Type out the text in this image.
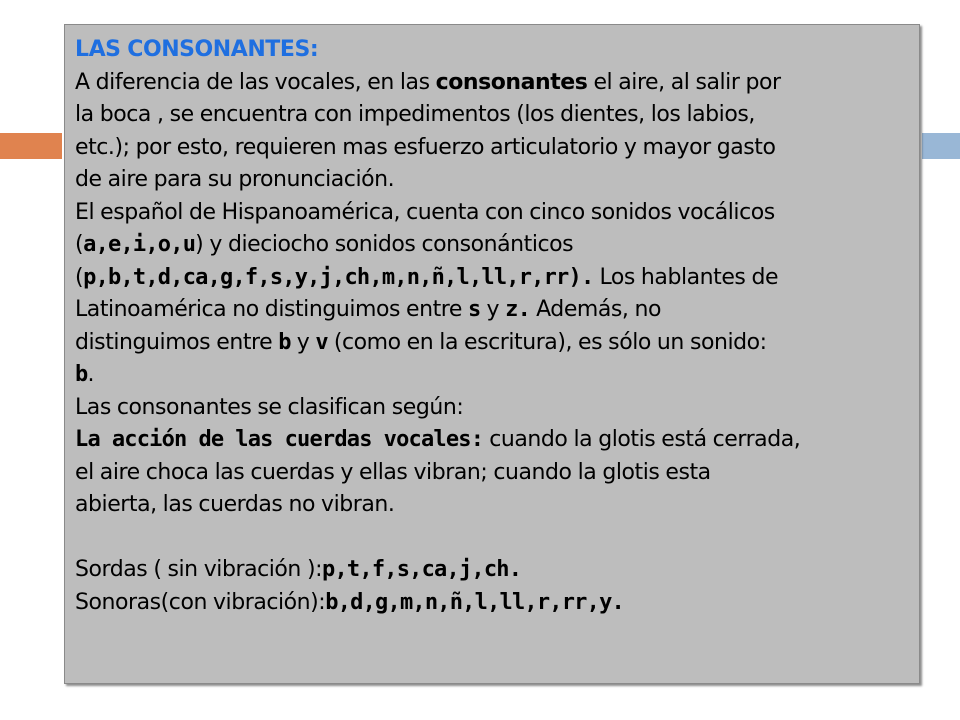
LAS CONSONANTES:
A diferencia de las vocales, en las consonantes el aire, al salir por
la boca , se encuentra con impedimentos (los dientes, los labios,
etc.); por esto, requieren mas esfuerzo articulatorio y mayor gasto
de aire para su pronunciación.
El español de Hispanoamérica, cuenta con cinco sonidos vocálicos
(a,e,i,o,u) y dieciocho sonidos consonánticos
(p,b,t,d,ca,g,f,s,y,j,ch,m,n,ñ,l,ll,r,rr). Los hablantes de
Latinoamérica no distinguimos entre s y z. Además, no
distinguimos entre b y v (como en la escritura), es sólo un sonido:
b.
Las consonantes se clasifican según:
La acción de las cuerdas vocales: cuando la glotis está cerrada,
el aire choca las cuerdas y ellas vibran; cuando la glotis esta
abierta, las cuerdas no vibran.
Sordas ( sin vibración ):p,t,f,s,ca,j,ch.
Sonoras(con vibración):b,d,g,m,n,ñ,l,ll,r,rr,y.
